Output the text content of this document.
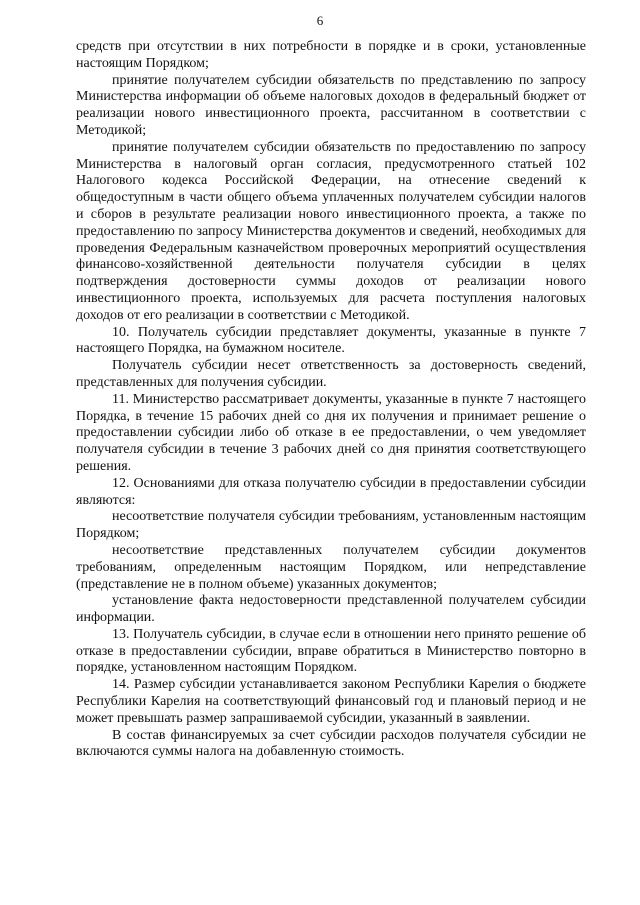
6

средств при отсутствии в них потребности в порядке и в сроки, установленные настоящим Порядком;

принятие получателем субсидии обязательств по представлению по запросу Министерства информации об объеме налоговых доходов в федеральный бюджет от реализации нового инвестиционного проекта, рассчитанном в соответствии с Методикой;

принятие получателем субсидии обязательств по предоставлению по запросу Министерства в налоговый орган согласия, предусмотренного статьей 102 Налогового кодекса Российской Федерации, на отнесение сведений к общедоступным в части общего объема уплаченных получателем субсидии налогов и сборов в результате реализации нового инвестиционного проекта, а также по предоставлению по запросу Министерства документов и сведений, необходимых для проведения Федеральным казначейством проверочных мероприятий осуществления финансово-хозяйственной деятельности получателя субсидии в целях подтверждения достоверности суммы доходов от реализации нового инвестиционного проекта, используемых для расчета поступления налоговых доходов от его реализации в соответствии с Методикой.

10. Получатель субсидии представляет документы, указанные в пункте 7 настоящего Порядка, на бумажном носителе.

Получатель субсидии несет ответственность за достоверность сведений, представленных для получения субсидии.

11. Министерство рассматривает документы, указанные в пункте 7 настоящего Порядка, в течение 15 рабочих дней со дня их получения и принимает решение о предоставлении субсидии либо об отказе в ее предоставлении, о чем уведомляет получателя субсидии в течение 3 рабочих дней со дня принятия соответствующего решения.

12. Основаниями для отказа получателю субсидии в предоставлении субсидии являются:

несоответствие получателя субсидии требованиям, установленным настоящим Порядком;

несоответствие представленных получателем субсидии документов требованиям, определенным настоящим Порядком, или непредставление (представление не в полном объеме) указанных документов;

установление факта недостоверности представленной получателем субсидии информации.

13. Получатель субсидии, в случае если в отношении него принято решение об отказе в предоставлении субсидии, вправе обратиться в Министерство повторно в порядке, установленном настоящим Порядком.

14. Размер субсидии устанавливается законом Республики Карелия о бюджете Республики Карелия на соответствующий финансовый год и плановый период и не может превышать размер запрашиваемой субсидии, указанный в заявлении.

В состав финансируемых за счет субсидии расходов получателя субсидии не включаются суммы налога на добавленную стоимость.
